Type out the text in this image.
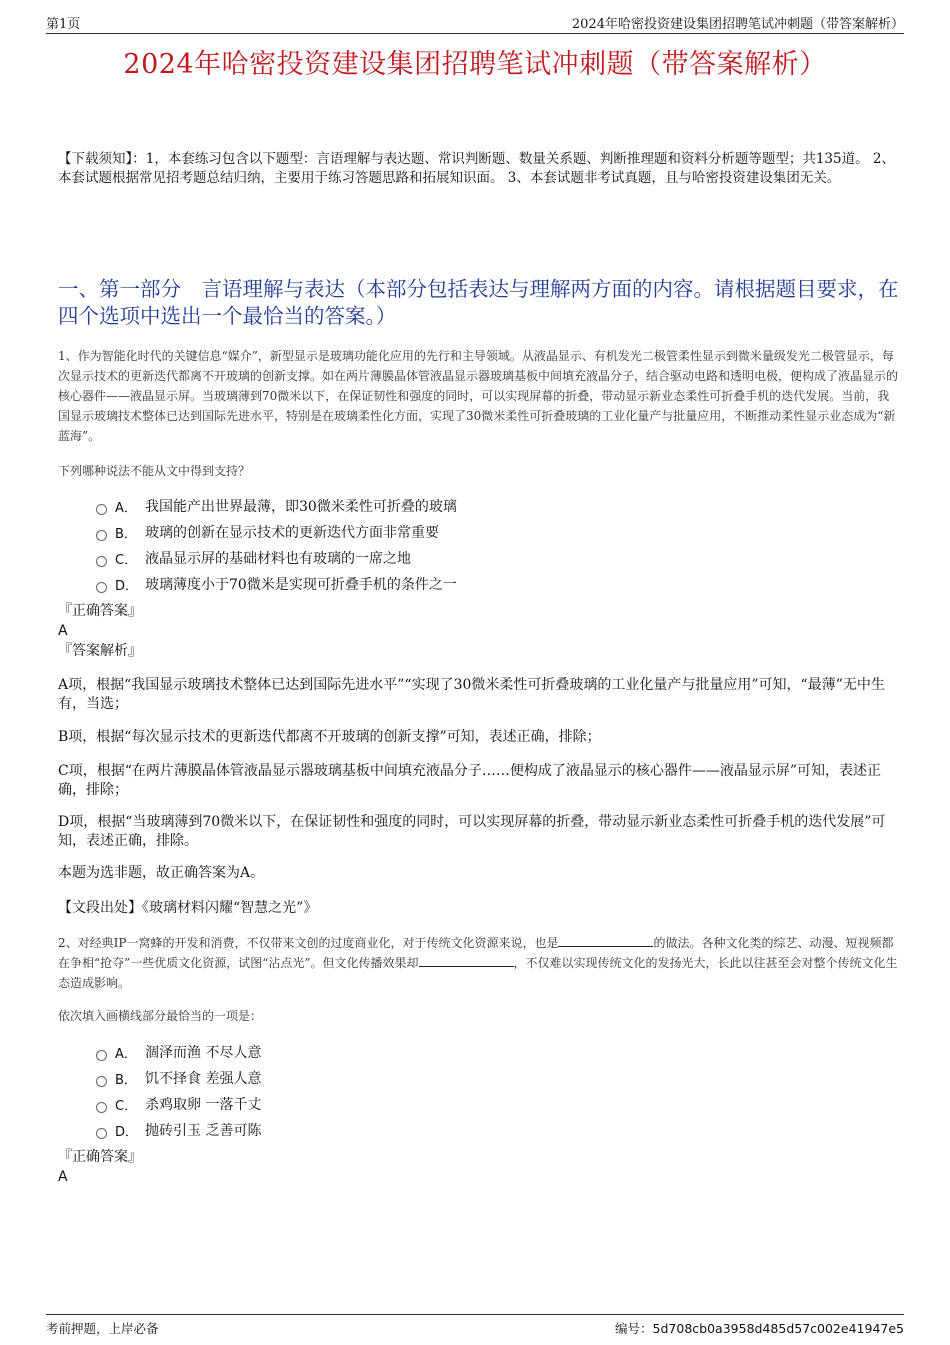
第1页	2024年哈密投资建设集团招聘笔试冲刺题（带答案解析）
2024年哈密投资建设集团招聘笔试冲刺题（带答案解析）
【下载须知】：1，本套练习包含以下题型：言语理解与表达题、常识判断题、数量关系题、判断推理题和资料分析题等题型；共135道。 2、本套试题根据常见招考题总结归纳，主要用于练习答题思路和拓展知识面。 3、本套试题非考试真题，且与哈密投资建设集团无关。
一、第一部分　言语理解与表达（本部分包括表达与理解两方面的内容。请根据题目要求，在四个选项中选出一个最恰当的答案。）
1、作为智能化时代的关键信息“媒介”，新型显示是玻璃功能化应用的先行和主导领域。从液晶显示、有机发光二极管柔性显示到微米量级发光二极管显示，每次显示技术的更新迭代都离不开玻璃的创新支撑。如在两片薄膜晶体管液晶显示器玻璃基板中间填充液晶分子，结合驱动电路和透明电极，便构成了液晶显示的核心器件——液晶显示屏。当玻璃薄到70微米以下，在保证韧性和强度的同时，可以实现屏幕的折叠，带动显示新业态柔性可折叠手机的迭代发展。当前，我国显示玻璃技术整体已达到国际先进水平，特别是在玻璃柔性化方面，实现了30微米柔性可折叠玻璃的工业化量产与批量应用，不断推动柔性显示业态成为“新蓝海”。
下列哪种说法不能从文中得到支持？
A． 我国能产出世界最薄，即30微米柔性可折叠的玻璃
B． 玻璃的创新在显示技术的更新迭代方面非常重要
C． 液晶显示屏的基础材料也有玻璃的一席之地
D． 玻璃薄度小于70微米是实现可折叠手机的条件之一
『正确答案』
A
『答案解析』
A项，根据“我国显示玻璃技术整体已达到国际先进水平”“实现了30微米柔性可折叠玻璃的工业化量产与批量应用”可知，“最薄”无中生有，当选；
B项，根据“每次显示技术的更新迭代都离不开玻璃的创新支撑”可知，表述正确，排除；
C项，根据“在两片薄膜晶体管液晶显示器玻璃基板中间填充液晶分子……便构成了液晶显示的核心器件——液晶显示屏”可知，表述正确，排除；
D项，根据“当玻璃薄到70微米以下，在保证韧性和强度的同时，可以实现屏幕的折叠，带动显示新业态柔性可折叠手机的迭代发展”可知，表述正确，排除。
本题为选非题，故正确答案为A。
【文段出处】《玻璃材料闪耀“智慧之光”》
2、对经典IP一窝蜂的开发和消费，不仅带来文创的过度商业化，对于传统文化资源来说，也是	的做法。各种文化类的综艺、动漫、短视频都在争相“抢夺”一些优质文化资源，试图“沾点光”。但文化传播效果却	，不仅难以实现传统文化的发扬光大，长此以往甚至会对整个传统文化生态造成影响。
依次填入画横线部分最恰当的一项是：
A． 涸泽而渔 不尽人意
B． 饥不择食 差强人意
C． 杀鸡取卵 一落千丈
D． 抛砖引玉 乏善可陈
『正确答案』
A
考前押题，上岸必备	编号：5d708cb0a3958d485d57c002e41947e5
